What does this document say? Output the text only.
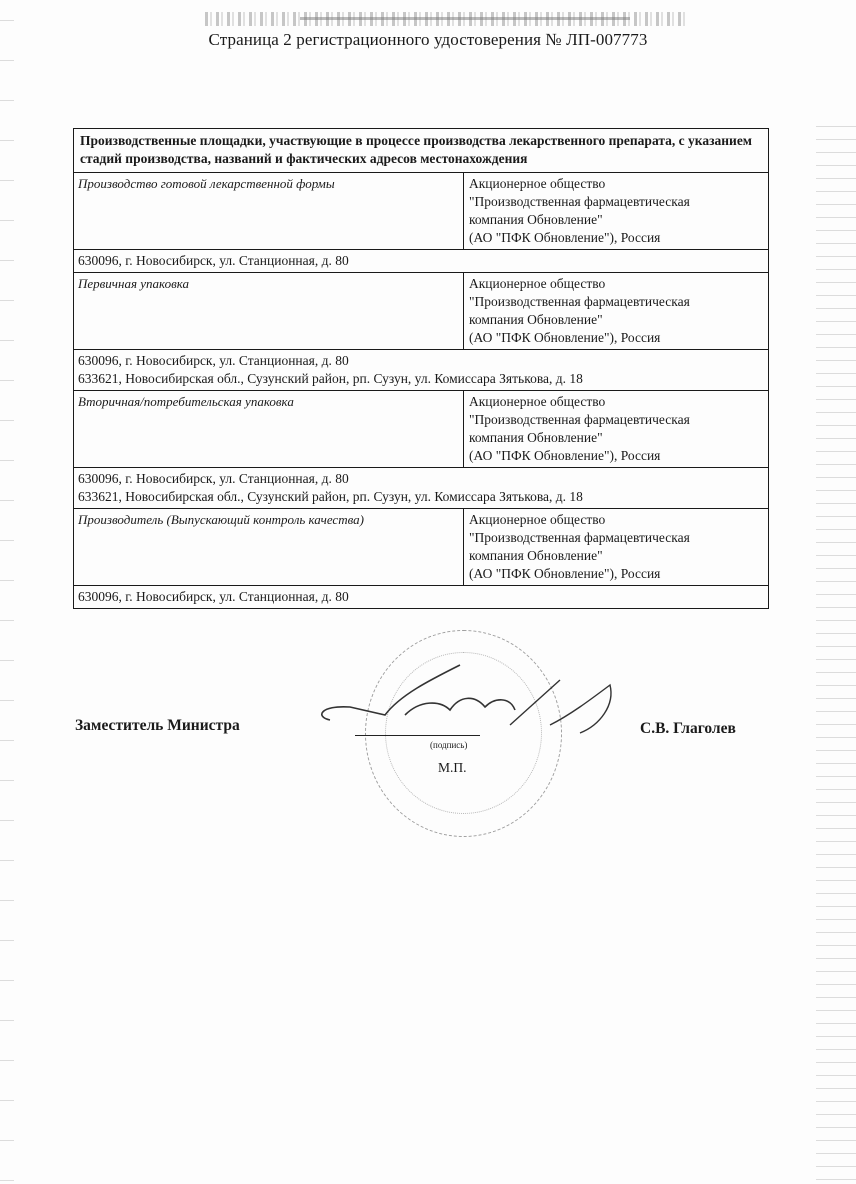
Страница 2 регистрационного удостоверения № ЛП-007773
Производственные площадки, участвующие в процессе производства лекарственного препарата, с указанием стадий производства, названий и фактических адресов местонахождения
Производство готовой лекарственной формы	Акционерное общество
"Производственная фармацевтическая
компания Обновление"
(АО "ПФК Обновление"), Россия
630096, г. Новосибирск, ул. Станционная, д. 80
Первичная упаковка	Акционерное общество
"Производственная фармацевтическая
компания Обновление"
(АО "ПФК Обновление"), Россия
630096, г. Новосибирск, ул. Станционная, д. 80
633621, Новосибирская обл., Сузунский район, рп. Сузун, ул. Комиссара Зятькова, д. 18
Вторичная/потребительская упаковка	Акционерное общество
"Производственная фармацевтическая
компания Обновление"
(АО "ПФК Обновление"), Россия
630096, г. Новосибирск, ул. Станционная, д. 80
633621, Новосибирская обл., Сузунский район, рп. Сузун, ул. Комиссара Зятькова, д. 18
Производитель (Выпускающий контроль качества)	Акционерное общество
"Производственная фармацевтическая
компания Обновление"
(АО "ПФК Обновление"), Россия
630096, г. Новосибирск, ул. Станционная, д. 80
Заместитель Министра
(подпись)
М.П.
С.В. Глаголев
